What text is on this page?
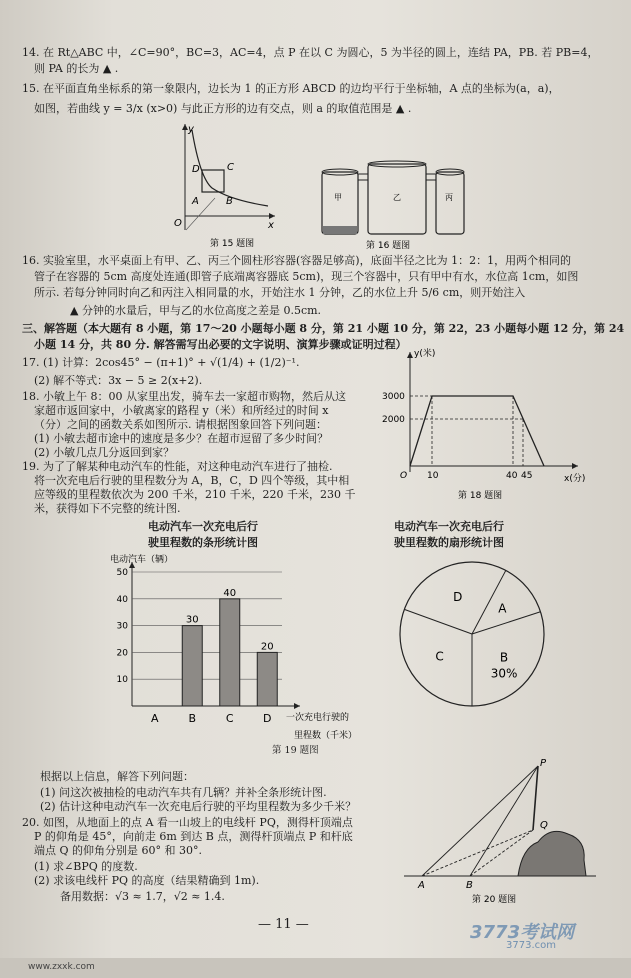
14. 在 Rt△ABC 中，∠C=90°，BC=3，AC=4，点 P 在以 C 为圆心，5 为半径的圆上，连结 PA，PB. 若 PB=4，
则 PA 的长为 ▲ .
15. 在平面直角坐标系的第一象限内，边长为 1 的正方形 ABCD 的边均平行于坐标轴，A 点的坐标为(a，a)，
如图，若曲线 y = 3/x (x>0) 与此正方形的边有交点，则 a 的取值范围是 ▲ .
y
x
O
A	B
C
D
第 15 题图
甲	乙	丙
第 16 题图
16. 实验室里，水平桌面上有甲、乙、丙三个圆柱形容器(容器足够高)，底面半径之比为 1：2：1，用两个相同的
管子在容器的 5cm 高度处连通(即管子底端离容器底 5cm)，现三个容器中，只有甲中有水，水位高 1cm，如图
所示. 若每分钟同时向乙和丙注入相同量的水，开始注水 1 分钟，乙的水位上升 5/6 cm，则开始注入
▲ 分钟的水量后，甲与乙的水位高度之差是 0.5cm.
三、解答题（本大题有 8 小题，第 17～20 小题每小题 8 分，第 21 小题 10 分，第 22，23 小题每小题 12 分，第 24
小题 14 分，共 80 分. 解答需写出必要的文字说明、演算步骤或证明过程）
17. (1) 计算：2cos45° − (π+1)° + √(1/4) + (1/2)⁻¹.
(2) 解不等式：3x − 5 ≥ 2(x+2).
18. 小敏上午 8：00 从家里出发，骑车去一家超市购物，然后从这
家超市返回家中，小敏离家的路程 y（米）和所经过的时间 x
（分）之间的函数关系如图所示. 请根据图象回答下列问题：
(1) 小敏去超市途中的速度是多少？在超市逗留了多少时间？
(2) 小敏几点几分返回到家？
y(米)
x(分)
3000
2000
O 10	40 45
第 18 题图
19. 为了了解某种电动汽车的性能，对这种电动汽车进行了抽检.
将一次充电后行驶的里程数分为 A，B，C，D 四个等级，其中相
应等级的里程数依次为 200 千米，210 千米，220 千米，230 千
米，获得如下不完整的统计图.
电动汽车一次充电后行
驶里程数的条形统计图
电动汽车一次充电后行
驶里程数的扇形统计图
电动汽车（辆）
一次充电行驶的
里程数（千米）
10
20
30
40
50
A
30
B
40
C
20
D
第 19 题图
A
B
30%
C
D
根据以上信息，解答下列问题：
(1) 问这次被抽检的电动汽车共有几辆？并补全条形统计图.
(2) 估计这种电动汽车一次充电后行驶的平均里程数为多少千米？
20. 如图，从地面上的点 A 看一山坡上的电线杆 PQ，测得杆顶端点
P 的仰角是 45°，向前走 6m 到达 B 点，测得杆顶端点 P 和杆底
端点 Q 的仰角分别是 60° 和 30°.
(1) 求∠BPQ 的度数.
(2) 求该电线杆 PQ 的高度（结果精确到 1m).
备用数据：√3 ≈ 1.7，√2 ≈ 1.4.
P
Q
A	B
第 20 题图
— 11 —	3773考试网
3773.com
www.zxxk.com
